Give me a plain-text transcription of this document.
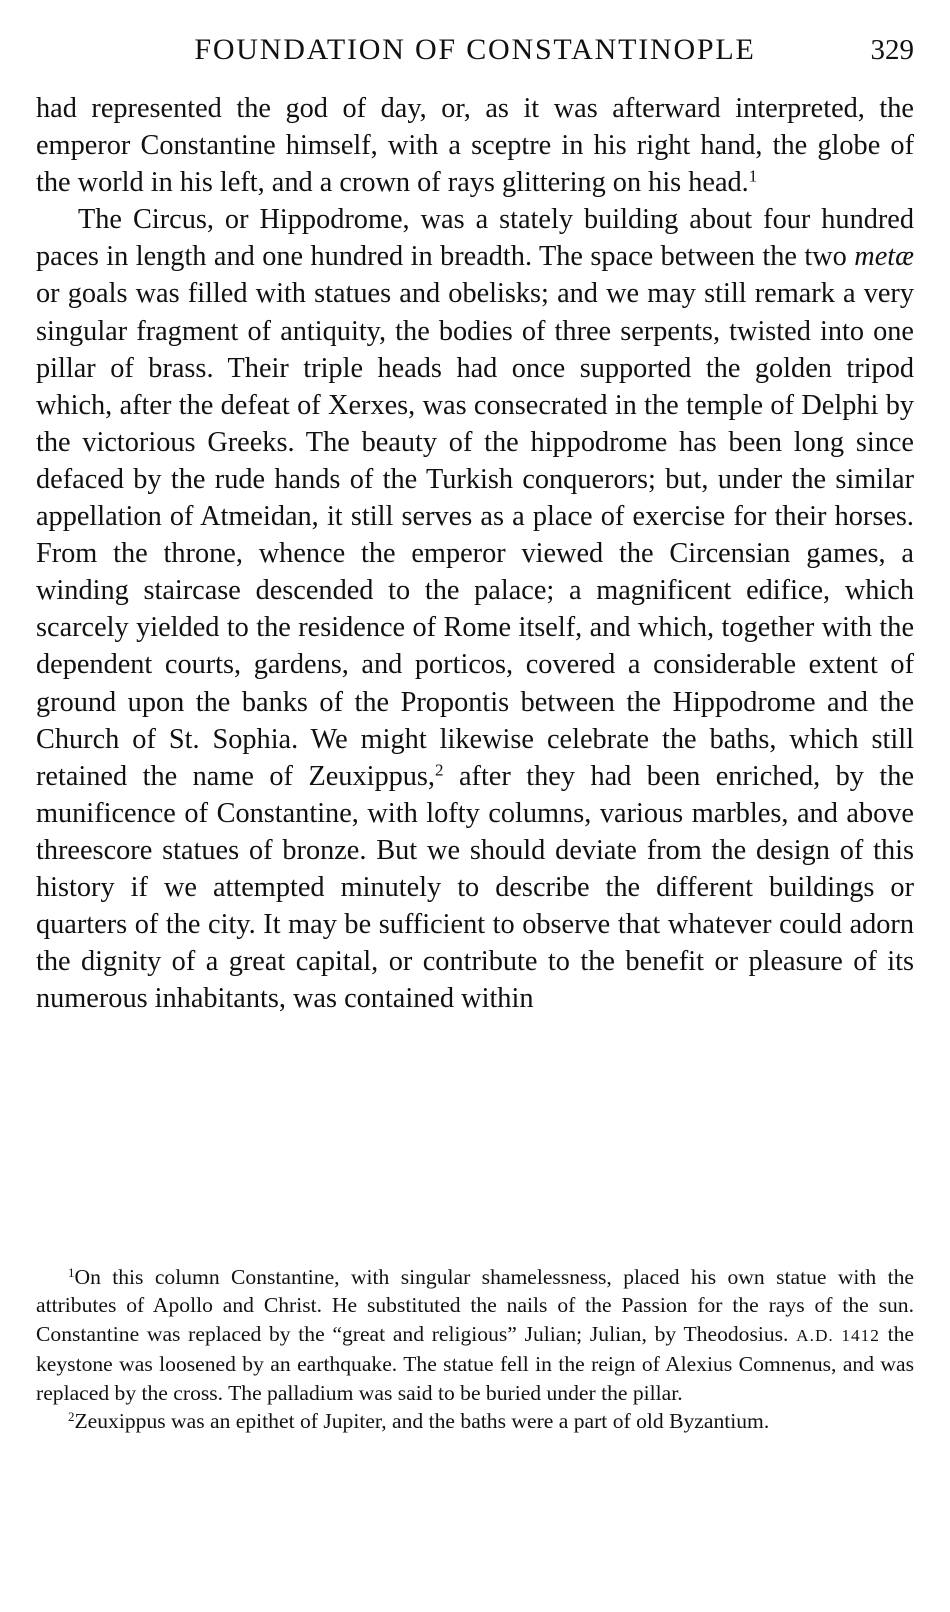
FOUNDATION OF CONSTANTINOPLE	329

had represented the god of day, or, as it was afterward interpreted, the emperor Constantine himself, with a sceptre in his right hand, the globe of the world in his left, and a crown of rays glittering on his head.$^1$

The Circus, or Hippodrome, was a stately building about four hundred paces in length and one hundred in breadth. The space between the two metæ or goals was filled with statues and obelisks; and we may still remark a very singular fragment of antiquity, the bodies of three serpents, twisted into one pillar of brass. Their triple heads had once supported the golden tripod which, after the defeat of Xerxes, was consecrated in the temple of Delphi by the victorious Greeks. The beauty of the hippodrome has been long since defaced by the rude hands of the Turkish conquerors; but, under the similar appellation of Atmeidan, it still serves as a place of exercise for their horses. From the throne, whence the emperor viewed the Circensian games, a winding staircase descended to the palace; a magnificent edifice, which scarcely yielded to the residence of Rome itself, and which, together with the dependent courts, gardens, and porticos, covered a considerable extent of ground upon the banks of the Propontis between the Hippodrome and the Church of St. Sophia. We might likewise celebrate the baths, which still retained the name of Zeuxippus,$^2$ after they had been enriched, by the munificence of Constantine, with lofty columns, various marbles, and above threescore statues of bronze. But we should deviate from the design of this history if we attempted minutely to describe the different buildings or quarters of the city. It may be sufficient to observe that whatever could adorn the dignity of a great capital, or contribute to the benefit or pleasure of its numerous inhabitants, was contained within

$^1$On this column Constantine, with singular shamelessness, placed his own statue with the attributes of Apollo and Christ. He substituted the nails of the Passion for the rays of the sun. Constantine was replaced by the “great and religious” Julian; Julian, by Theodosius. A.D. 1412 the keystone was loosened by an earthquake. The statue fell in the reign of Alexius Comnenus, and was replaced by the cross. The palladium was said to be buried under the pillar.

$^2$Zeuxippus was an epithet of Jupiter, and the baths were a part of old Byzantium.
